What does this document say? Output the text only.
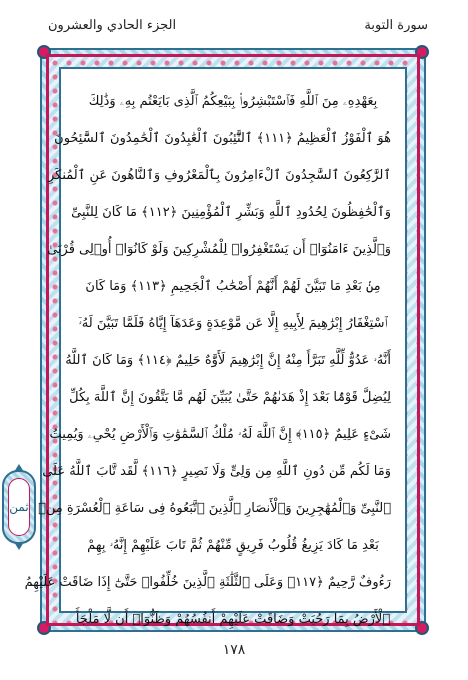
الجزء الحادي والعشرون	سورة التوبة
بِعَهْدِهِۦ مِنَ ٱللَّهِ فَٱسْتَبْشِرُوا۟ بِبَيْعِكُمُ ٱلَّذِى بَايَعْتُم بِهِۦ وَذَٰلِكَ
هُوَ ٱلْفَوْزُ ٱلْعَظِيمُ ﴿١١١﴾ ٱلتَّٰٓئِبُونَ ٱلْعَٰبِدُونَ ٱلْحَٰمِدُونَ ٱلسَّٰٓئِحُونَ
ٱلرَّٰكِعُونَ ٱلسَّٰجِدُونَ ٱلْءَامِرُونَ بِٱلْمَعْرُوفِ وَٱلنَّاهُونَ عَنِ ٱلْمُنكَرِ
وَٱلْحَٰفِظُونَ لِحُدُودِ ٱللَّهِ وَبَشِّرِ ٱلْمُؤْمِنِينَ ﴿١١٢﴾ مَا كَانَ لِلنَّبِىِّ
وَٱلَّذِينَ ءَامَنُوٓا۟ أَن يَسْتَغْفِرُوا۟ لِلْمُشْرِكِينَ وَلَوْ كَانُوٓا۟ أُو۟لِى قُرْبَىٰ
مِنۢ بَعْدِ مَا تَبَيَّنَ لَهُمْ أَنَّهُمْ أَصْحَٰبُ ٱلْجَحِيمِ ﴿١١٣﴾ وَمَا كَانَ
ٱسْتِغْفَارُ إِبْرَٰهِيمَ لِأَبِيهِ إِلَّا عَن مَّوْعِدَةٍ وَعَدَهَآ إِيَّاهُ فَلَمَّا تَبَيَّنَ لَهُۥٓ
أَنَّهُۥ عَدُوٌّ لِّلَّهِ تَبَرَّأَ مِنْهُ إِنَّ إِبْرَٰهِيمَ لَأَوَّٰهٌ حَلِيمٌ ﴿١١٤﴾ وَمَا كَانَ ٱللَّهُ
لِيُضِلَّ قَوْمًۢا بَعْدَ إِذْ هَدَىٰهُمْ حَتَّىٰ يُبَيِّنَ لَهُم مَّا يَتَّقُونَ إِنَّ ٱللَّهَ بِكُلِّ
شَىْءٍ عَلِيمٌ ﴿١١٥﴾ إِنَّ ٱللَّهَ لَهُۥ مُلْكُ ٱلسَّمَٰوَٰتِ وَٱلْأَرْضِ يُحْىِۦ وَيُمِيتُ
وَمَا لَكُم مِّن دُونِ ٱللَّهِ مِن وَلِىٍّ وَلَا نَصِيرٍ ﴿١١٦﴾ لَّقَد تَّابَ ٱللَّهُ عَلَى
ٱلنَّبِىِّ وَٱلْمُهَٰجِرِينَ وَٱلْأَنصَارِ ٱلَّذِينَ ٱتَّبَعُوهُ فِى سَاعَةِ ٱلْعُسْرَةِ مِنۢ
بَعْدِ مَا كَادَ يَزِيغُ قُلُوبُ فَرِيقٍ مِّنْهُمْ ثُمَّ تَابَ عَلَيْهِمْ إِنَّهُۥ بِهِمْ
رَءُوفٌ رَّحِيمٌ ﴿١١٧﴾ وَعَلَى ٱلثَّلَٰثَةِ ٱلَّذِينَ خُلِّفُوا۟ حَتَّىٰٓ إِذَا ضَاقَتْ عَلَيْهِمُ
ٱلْأَرْضُ بِمَا رَحُبَتْ وَضَاقَتْ عَلَيْهِمْ أَنفُسُهُمْ وَظَنُّوٓا۟ أَن لَّا مَلْجَأَ
ثمن
١٧٨
